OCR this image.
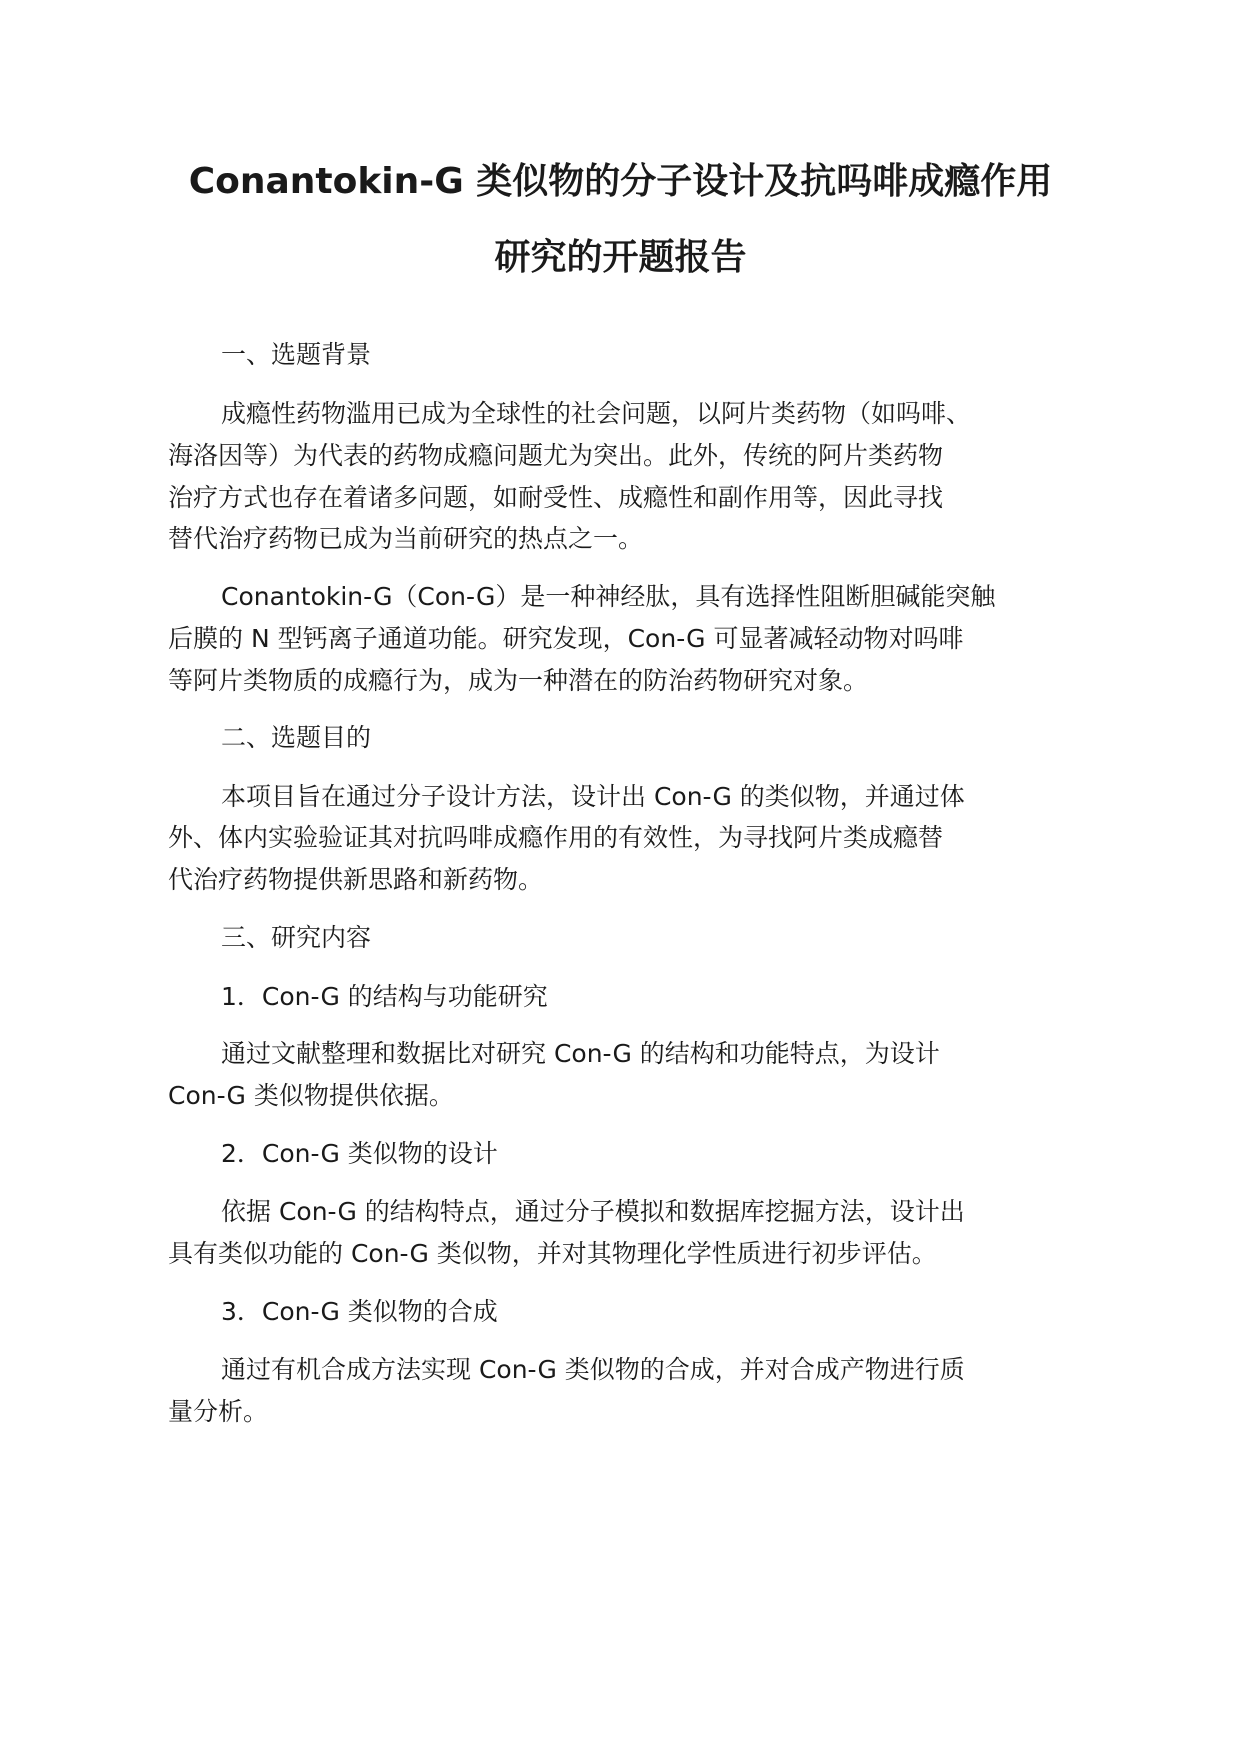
Conantokin-G 类似物的分子设计及抗吗啡成瘾作用
研究的开题报告
一、选题背景
成瘾性药物滥用已成为全球性的社会问题，以阿片类药物（如吗啡、
海洛因等）为代表的药物成瘾问题尤为突出。此外，传统的阿片类药物
治疗方式也存在着诸多问题，如耐受性、成瘾性和副作用等，因此寻找
替代治疗药物已成为当前研究的热点之一。
Conantokin-G（Con-G）是一种神经肽，具有选择性阻断胆碱能突触
后膜的 N 型钙离子通道功能。研究发现，Con-G 可显著减轻动物对吗啡
等阿片类物质的成瘾行为，成为一种潜在的防治药物研究对象。
二、选题目的
本项目旨在通过分子设计方法，设计出 Con-G 的类似物，并通过体
外、体内实验验证其对抗吗啡成瘾作用的有效性，为寻找阿片类成瘾替
代治疗药物提供新思路和新药物。
三、研究内容
1．Con-G 的结构与功能研究
通过文献整理和数据比对研究 Con-G 的结构和功能特点，为设计
Con-G 类似物提供依据。
2．Con-G 类似物的设计
依据 Con-G 的结构特点，通过分子模拟和数据库挖掘方法，设计出
具有类似功能的 Con-G 类似物，并对其物理化学性质进行初步评估。
3．Con-G 类似物的合成
通过有机合成方法实现 Con-G 类似物的合成，并对合成产物进行质
量分析。
